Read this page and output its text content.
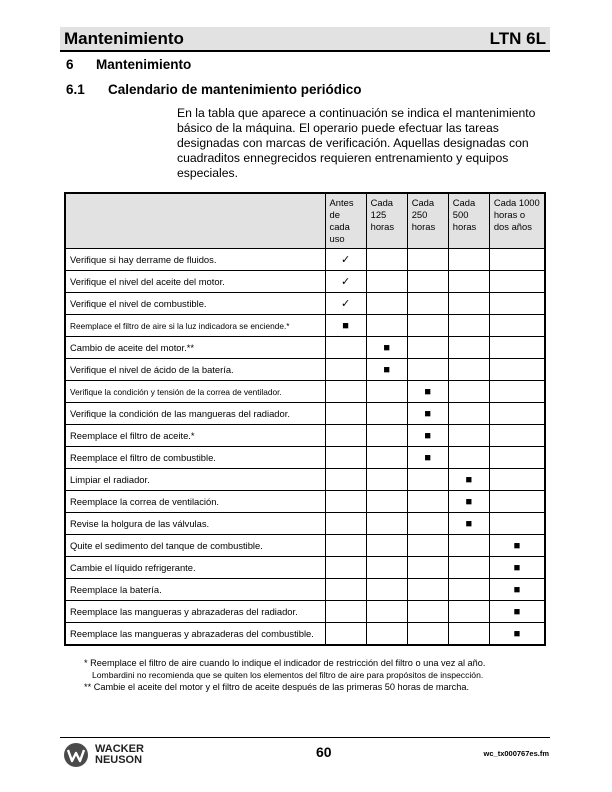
Mantenimiento	LTN 6L
6 Mantenimiento
6.1 Calendario de mantenimiento periódico
En la tabla que aparece a continuación se indica el mantenimiento básico de la máquina. El operario puede efectuar las tareas designadas con marcas de verificación. Aquellas designadas con cuadraditos ennegrecidos requieren entrenamiento y equipos especiales.
	Antes de cada uso	Cada 125 horas	Cada 250 horas	Cada 500 horas	Cada 1000 horas o dos años
Verifique si hay derrame de fluidos.	✓				
Verifique el nivel del aceite del motor.	✓				
Verifique el nivel de combustible.	✓				
Reemplace el filtro de aire si la luz indicadora se enciende.*	■				
Cambio de aceite del motor.**		■			
Verifique el nivel de ácido de la batería.		■			
Verifique la condición y tensión de la correa de ventilador.			■		
Verifique la condición de las mangueras del radiador.			■		
Reemplace el filtro de aceite.*			■		
Reemplace el filtro de combustible.			■		
Limpiar el radiador.				■	
Reemplace la correa de ventilación.				■	
Revise la holgura de las válvulas.				■	
Quite el sedimento del tanque de combustible.					■
Cambie el líquido refrigerante.					■
Reemplace la batería.					■
Reemplace las mangueras y abrazaderas del radiador.					■
Reemplace las mangueras y abrazaderas del combustible.					■
* Reemplace el filtro de aire cuando lo indique el indicador de restricción del filtro o una vez al año.
Lombardini no recomienda que se quiten los elementos del filtro de aire para propósitos de inspección.
** Cambie el aceite del motor y el filtro de aceite después de las primeras 50 horas de marcha.
WACKER
NEUSON	60	wc_tx000767es.fm
